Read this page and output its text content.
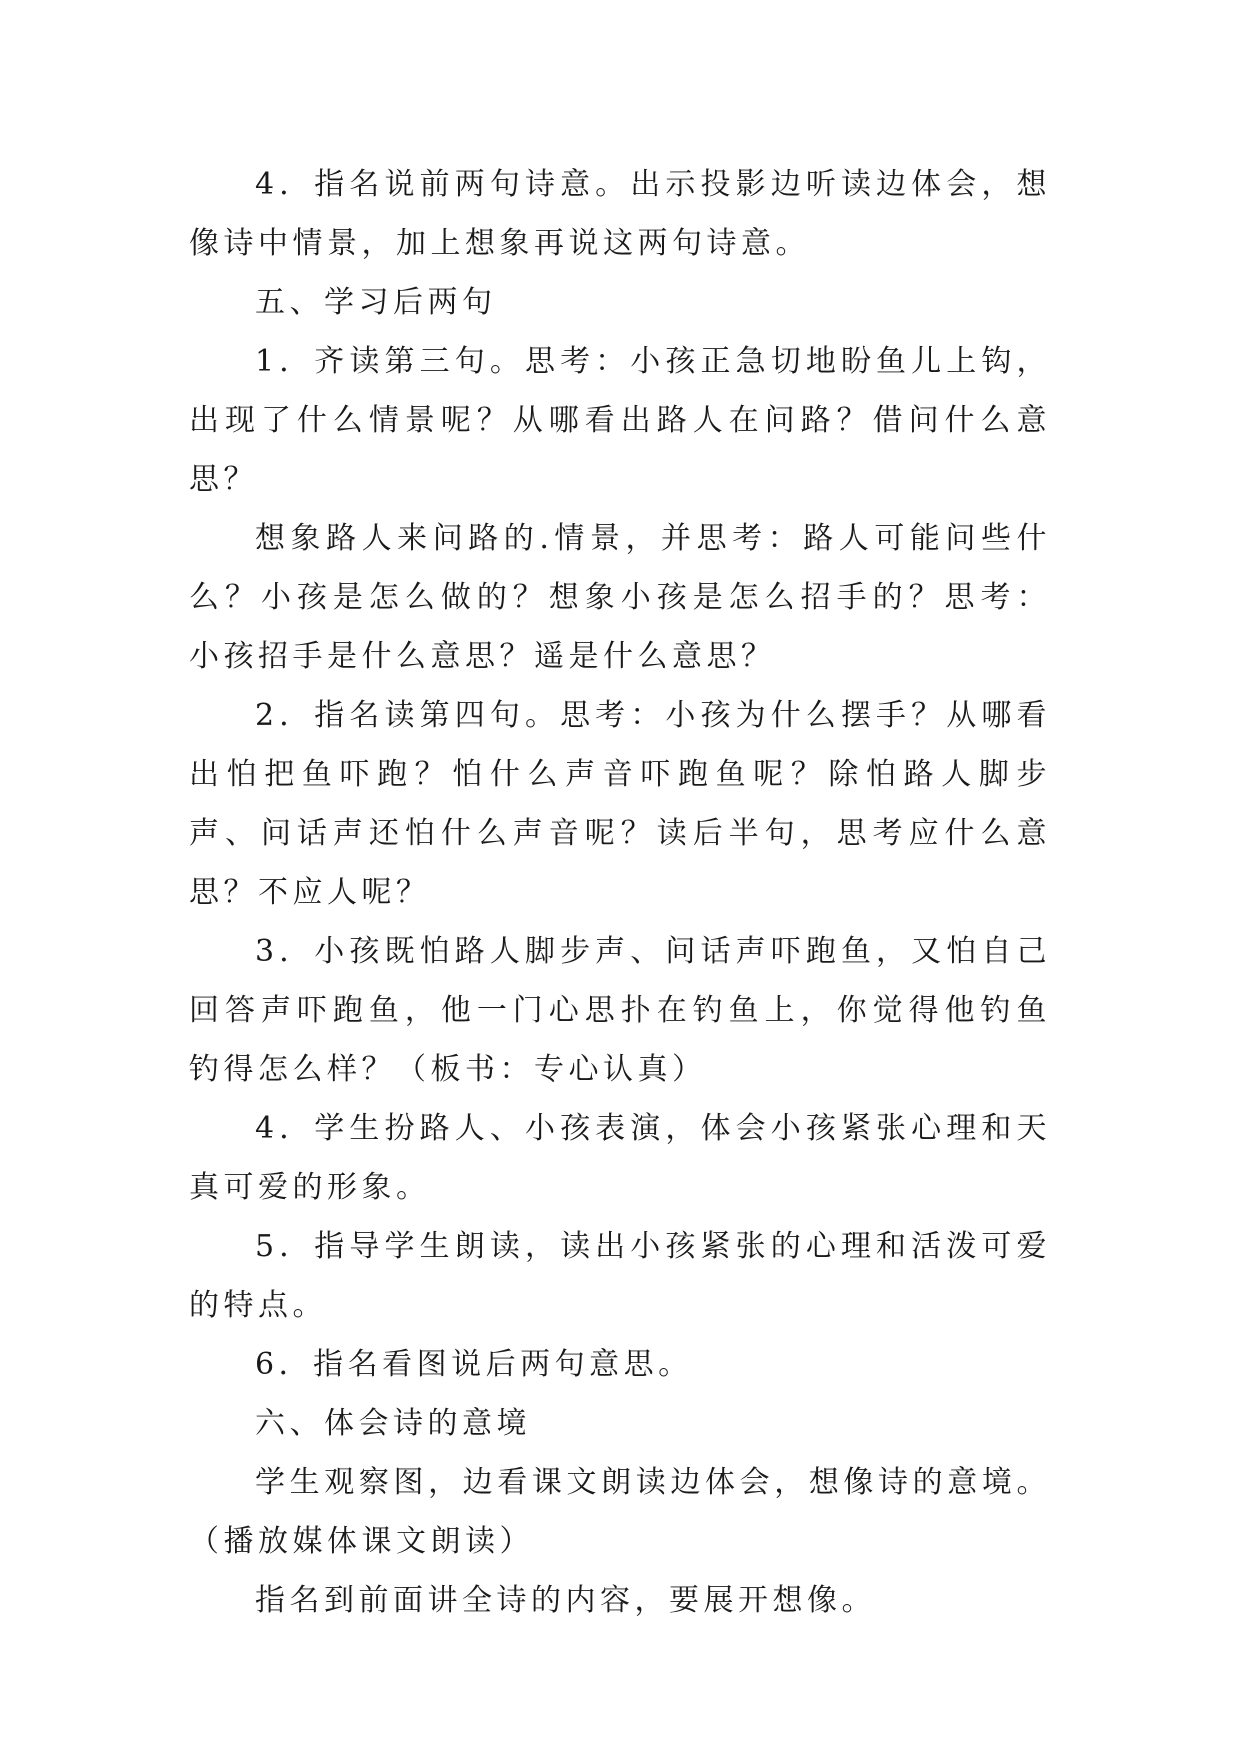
4．指名说前两句诗意。出示投影边听读边体会，想像诗中情景，加上想象再说这两句诗意。

五、学习后两句

1．齐读第三句。思考：小孩正急切地盼鱼儿上钩，出现了什么情景呢？从哪看出路人在问路？借问什么意思？

想象路人来问路的.情景，并思考：路人可能问些什么？小孩是怎么做的？想象小孩是怎么招手的？思考：小孩招手是什么意思？遥是什么意思？

2．指名读第四句。思考：小孩为什么摆手？从哪看出怕把鱼吓跑？怕什么声音吓跑鱼呢？除怕路人脚步声、问话声还怕什么声音呢？读后半句，思考应什么意思？不应人呢？

3．小孩既怕路人脚步声、问话声吓跑鱼，又怕自己回答声吓跑鱼，他一门心思扑在钓鱼上，你觉得他钓鱼钓得怎么样？（板书：专心认真）

4．学生扮路人、小孩表演，体会小孩紧张心理和天真可爱的形象。

5．指导学生朗读，读出小孩紧张的心理和活泼可爱的特点。

6．指名看图说后两句意思。

六、体会诗的意境

学生观察图，边看课文朗读边体会，想像诗的意境。（播放媒体课文朗读）

指名到前面讲全诗的内容，要展开想像。
